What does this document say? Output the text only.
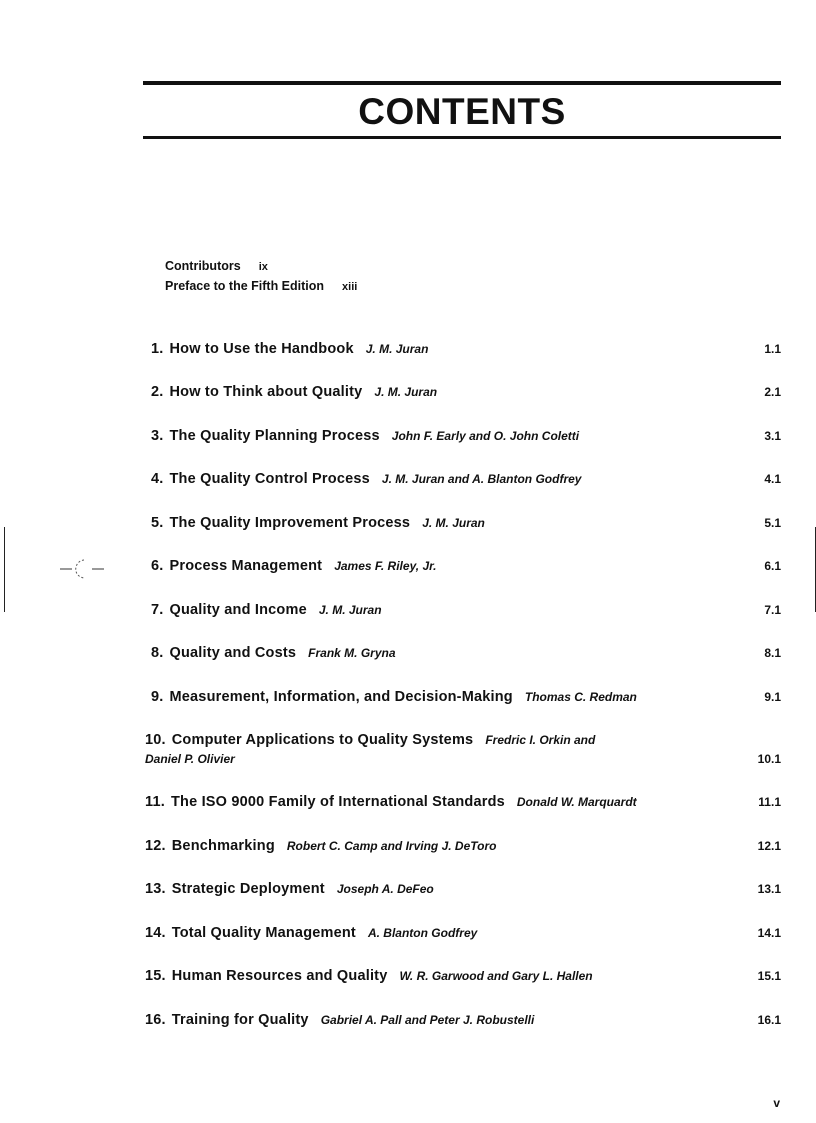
CONTENTS
Contributors ix
Preface to the Fifth Edition xiii
1. How to Use the Handbook J. M. Juran	1.1
2. How to Think about Quality J. M. Juran	2.1
3. The Quality Planning Process John F. Early and O. John Coletti	3.1
4. The Quality Control Process J. M. Juran and A. Blanton Godfrey	4.1
5. The Quality Improvement Process J. M. Juran	5.1
6. Process Management James F. Riley, Jr.	6.1
7. Quality and Income J. M. Juran	7.1
8. Quality and Costs Frank M. Gryna	8.1
9. Measurement, Information, and Decision-Making Thomas C. Redman	9.1
10. Computer Applications to Quality Systems Fredric I. Orkin and
Daniel P. Olivier	10.1
11. The ISO 9000 Family of International Standards Donald W. Marquardt	11.1
12. Benchmarking Robert C. Camp and Irving J. DeToro	12.1
13. Strategic Deployment Joseph A. DeFeo	13.1
14. Total Quality Management A. Blanton Godfrey	14.1
15. Human Resources and Quality W. R. Garwood and Gary L. Hallen	15.1
16. Training for Quality Gabriel A. Pall and Peter J. Robustelli	16.1
v
